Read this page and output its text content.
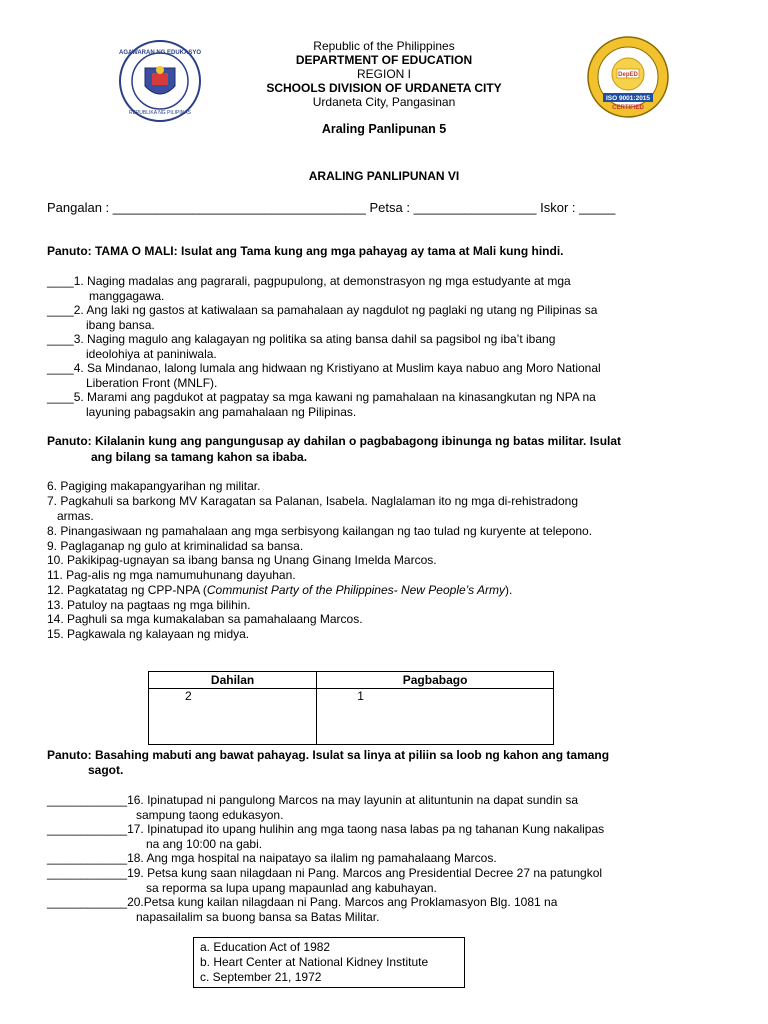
KAGAWARAN NG EDUKASYON
REPUBLIKA NG PILIPINAS
DepED
ISO 9001:2015
CERTIFIED
Republic of the Philippines
DEPARTMENT OF EDUCATION
REGION I
SCHOOLS DIVISION OF URDANETA CITY
Urdaneta City, Pangasinan
Araling Panlipunan 5
ARALING PANLIPUNAN VI
Pangalan : ___________________________________ Petsa : _________________ Iskor : _____
Panuto: TAMA O MALI: Isulat ang Tama kung ang mga pahayag ay tama at Mali kung hindi.
____1. Naging madalas ang pagrarali, pagpupulong, at demonstrasyon ng mga estudyante at mga
manggagawa.
____2. Ang laki ng gastos at katiwalaan sa pamahalaan ay nagdulot ng paglaki ng utang ng Pilipinas sa
ibang bansa.
____3. Naging magulo ang kalagayan ng politika sa ating bansa dahil sa pagsibol ng iba’t ibang
ideolohiya at paniniwala.
____4. Sa Mindanao, lalong lumala ang hidwaan ng Kristiyano at Muslim kaya nabuo ang Moro National
Liberation Front (MNLF).
____5. Marami ang pagdukot at pagpatay sa mga kawani ng pamahalaan na kinasangkutan ng NPA na
layuning pabagsakin ang pamahalaan ng Pilipinas.
Panuto: Kilalanin kung ang pangungusap ay dahilan o pagbabagong ibinunga ng batas militar. Isulat
ang bilang sa tamang kahon sa ibaba.
6. Pagiging makapangyarihan ng militar.
7. Pagkahuli sa barkong MV Karagatan sa Palanan, Isabela. Naglalaman ito ng mga di-rehistradong
armas.
8. Pinangasiwaan ng pamahalaan ang mga serbisyong kailangan ng tao tulad ng kuryente at telepono.
9. Paglaganap ng gulo at kriminalidad sa bansa.
10. Pakikipag-ugnayan sa ibang bansa ng Unang Ginang Imelda Marcos.
11. Pag-alis ng mga namumuhunang dayuhan.
12. Pagkatatag ng CPP-NPA (Communist Party of the Philippines- New People’s Army).
13. Patuloy na pagtaas ng mga bilihin.
14. Paghuli sa mga kumakalaban sa pamahalaang Marcos.
15. Pagkawala ng kalayaan ng midya.
Dahilan	Pagbabago
2	1
Panuto: Basahing mabuti ang bawat pahayag. Isulat sa linya at piliin sa loob ng kahon ang tamang
sagot.
____________16. Ipinatupad ni pangulong Marcos na may layunin at alituntunin na dapat sundin sa
sampung taong edukasyon.
____________17. Ipinatupad ito upang hulihin ang mga taong nasa labas pa ng tahanan Kung nakalipas
na ang 10:00 na gabi.
____________18. Ang mga hospital na naipatayo sa ilalim ng pamahalaang Marcos.
____________19. Petsa kung saan nilagdaan ni Pang. Marcos ang Presidential Decree 27 na patungkol
sa reporma sa lupa upang mapaunlad ang kabuhayan.
____________20.Petsa kung kailan nilagdaan ni Pang. Marcos ang Proklamasyon Blg. 1081 na
napasailalim sa buong bansa sa Batas Militar.
a. Education Act of 1982
b. Heart Center at National Kidney Institute
c. September 21, 1972
